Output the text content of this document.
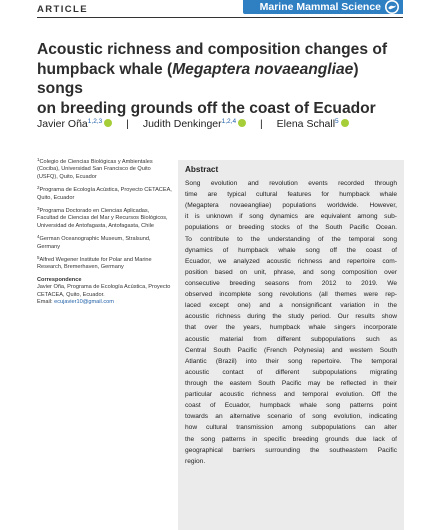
ARTICLE	Marine Mammal Science
Acoustic richness and composition changes of
humpback whale (Megaptera novaeangliae) songs
on breeding grounds off the coast of Ecuador
Javier Oña$^{1,2,3}$ | Judith Denkinger$^{1,2,4}$ | Elena Schall$^5$
$^1$Colegio de Ciencias Biológicas y Ambientales (Cociba), Universidad San Francisco de Quito (USFQ), Quito, Ecuador
$^2$Programa de Ecología Acústica, Proyecto CETACEA, Quito, Ecuador
$^3$Programa Doctorado en Ciencias Aplicadas, Facultad de Ciencias del Mar y Recursos Biológicos, Universidad de Antofagasta, Antofagasta, Chile
$^4$German Oceanographic Museum, Stralsund, Germany
$^5$Alfred Wegener Institute for Polar and Marine Research, Bremerhaven, Germany
Correspondence
Javier Oña, Programa de Ecología Acústica, Proyecto CETACEA, Quito, Ecuador.
Email: ecujavier10@gmail.com
Abstract
Song evolution and revolution events recorded through
time are typical cultural features for humpback whale
(Megaptera novaeangliae) populations worldwide. However,
it is unknown if song dynamics are equivalent among sub-
populations or breeding stocks of the South Pacific Ocean.
To contribute to the understanding of the temporal song
dynamics of humpback whale song off the coast of
Ecuador, we analyzed acoustic richness and repertoire com-
position based on unit, phrase, and song composition over
consecutive breeding seasons from 2012 to 2019. We
observed incomplete song revolutions (all themes were rep-
laced except one) and a nonsignificant variation in the
acoustic richness during the study period. Our results show
that over the years, humpback whale singers incorporate
acoustic material from different subpopulations such as
Central South Pacific (French Polynesia) and western South
Atlantic (Brazil) into their song repertoire. The temporal
acoustic contact of different subpopulations migrating
through the eastern South Pacific may be reflected in their
particular acoustic richness and temporal evolution. Off the
coast of Ecuador, humpback whale song patterns point
towards an alternative scenario of song evolution, indicating
how cultural transmission among subpopulations can alter
the song patterns in specific breeding grounds due lack of
geographical barriers surrounding the southeastern Pacific
region.
